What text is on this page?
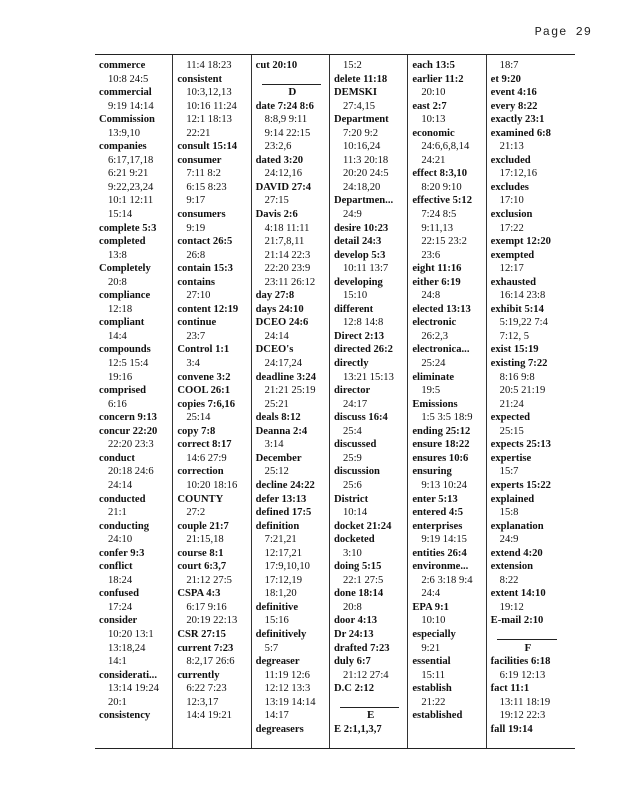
Page 29
commerce
10:8 24:5
commercial
9:19 14:14
Commission
13:9,10
companies
6:17,17,18
6:21 9:21
9:22,23,24
10:1 12:11
15:14
complete 5:3
completed
13:8
Completely
20:8
compliance
12:18
compliant
14:4
compounds
12:5 15:4
19:16
comprised
6:16
concern 9:13
concur 22:20
22:20 23:3
conduct
20:18 24:6
24:14
conducted
21:1
conducting
24:10
confer 9:3
conflict
18:24
confused
17:24
consider
10:20 13:1
13:18,24
14:1
considerati...
13:14 19:24
20:1
consistency
11:4 18:23
consistent
10:3,12,13
10:16 11:24
12:1 18:13
22:21
consult 15:14
consumer
7:11 8:2
6:15 8:23
9:17
consumers
9:19
contact 26:5
26:8
contain 15:3
contains
27:10
content 12:19
continue
23:7
Control 1:1
3:4
convene 3:2
COOL 26:1
copies 7:6,16
25:14
copy 7:8
correct 8:17
14:6 27:9
correction
10:20 18:16
COUNTY
27:2
couple 21:7
21:15,18
course 8:1
court 6:3,7
21:12 27:5
CSPA 4:3
6:17 9:16
20:19 22:13
CSR 27:15
current 7:23
8:2,17 26:6
currently
6:22 7:23
12:3,17
14:4 19:21
cut 20:10
D
date 7:24 8:6
8:8,9 9:11
9:14 22:15
23:2,6
dated 3:20
24:12,16
DAVID 27:4
27:15
Davis 2:6
4:18 11:11
21:7,8,11
21:14 22:3
22:20 23:9
23:11 26:12
day 27:8
days 24:10
DCEO 24:6
24:14
DCEO's
24:17,24
deadline 3:24
21:21 25:19
25:21
deals 8:12
Deanna 2:4
3:14
December
25:12
decline 24:22
defer 13:13
defined 17:5
definition
7:21,21
12:17,21
17:9,10,10
17:12,19
18:1,20
definitive
15:16
definitively
5:7
degreaser
11:19 12:6
12:12 13:3
13:19 14:14
14:17
degreasers
15:2
delete 11:18
DEMSKI
27:4,15
Department
7:20 9:2
10:16,24
11:3 20:18
20:20 24:5
24:18,20
Departmen...
24:9
desire 10:23
detail 24:3
develop 5:3
10:11 13:7
developing
15:10
different
12:8 14:8
Direct 2:13
directed 26:2
directly
13:21 15:13
director
24:17
discuss 16:4
25:4
discussed
25:9
discussion
25:6
District
10:14
docket 21:24
docketed
3:10
doing 5:15
22:1 27:5
done 18:14
20:8
door 4:13
Dr 24:13
drafted 7:23
duly 6:7
21:12 27:4
D.C 2:12
E
E 2:1,1,3,7
each 13:5
earlier 11:2
20:10
east 2:7
10:13
economic
24:6,6,8,14
24:21
effect 8:3,10
8:20 9:10
effective 5:12
7:24 8:5
9:11,13
22:15 23:2
23:6
eight 11:16
either 6:19
24:8
elected 13:13
electronic
26:2,3
electronica...
25:24
eliminate
19:5
Emissions
1:5 3:5 18:9
ending 25:12
ensure 18:22
ensures 10:6
ensuring
9:13 10:24
enter 5:13
entered 4:5
enterprises
9:19 14:15
entities 26:4
environme...
2:6 3:18 9:4
24:4
EPA 9:1
10:10
especially
9:21
essential
15:11
establish
21:22
established
18:7
et 9:20
event 4:16
every 8:22
exactly 23:1
examined 6:8
21:13
excluded
17:12,16
excludes
17:10
exclusion
17:22
exempt 12:20
exempted
12:17
exhausted
16:14 23:8
exhibit 5:14
5:19,22 7:4
7:12, 5
exist 15:19
existing 7:22
8:16 9:8
20:5 21:19
21:24
expected
25:15
expects 25:13
expertise
15:7
experts 15:22
explained
15:8
explanation
24:9
extend 4:20
extension
8:22
extent 14:10
19:12
E-mail 2:10
F
facilities 6:18
6:19 12:13
fact 11:1
13:11 18:19
19:12 22:3
fall 19:14
